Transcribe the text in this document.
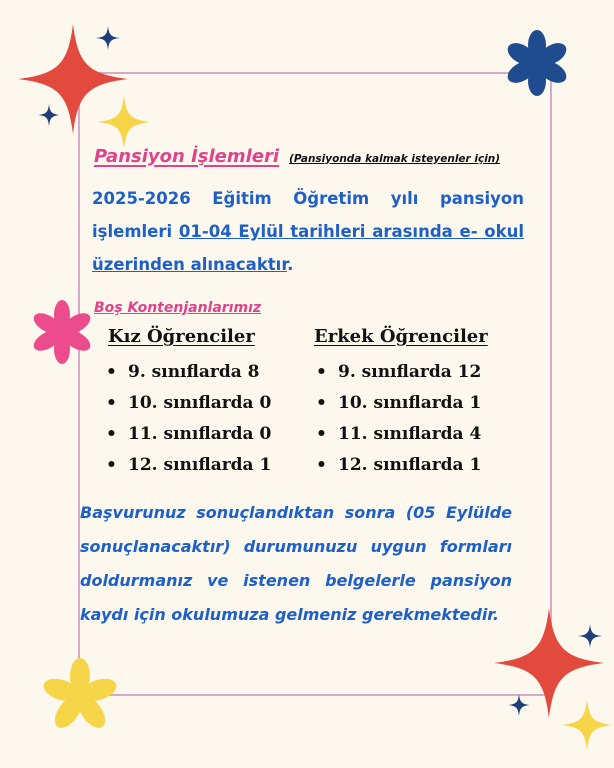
Pansiyon İşlemleri (Pansiyonda kalmak isteyenler için)
2025-2026 Eğitim Öğretim yılı pansiyon işlemleri 01-04 Eylül tarihleri arasında e- okul üzerinden alınacaktır.
Boş Kontenjanlarımız
Kız Öğrenciler
• 9. sınıflarda 8
• 10. sınıflarda 0
• 11. sınıflarda 0
• 12. sınıflarda 1
Erkek Öğrenciler
• 9. sınıflarda 12
• 10. sınıflarda 1
• 11. sınıflarda 4
• 12. sınıflarda 1
Başvurunuz sonuçlandıktan sonra (05 Eylülde sonuçlanacaktır) durumunuzu uygun formları doldurmanız ve istenen belgelerle pansiyon kaydı için okulumuza gelmeniz gerekmektedir.
